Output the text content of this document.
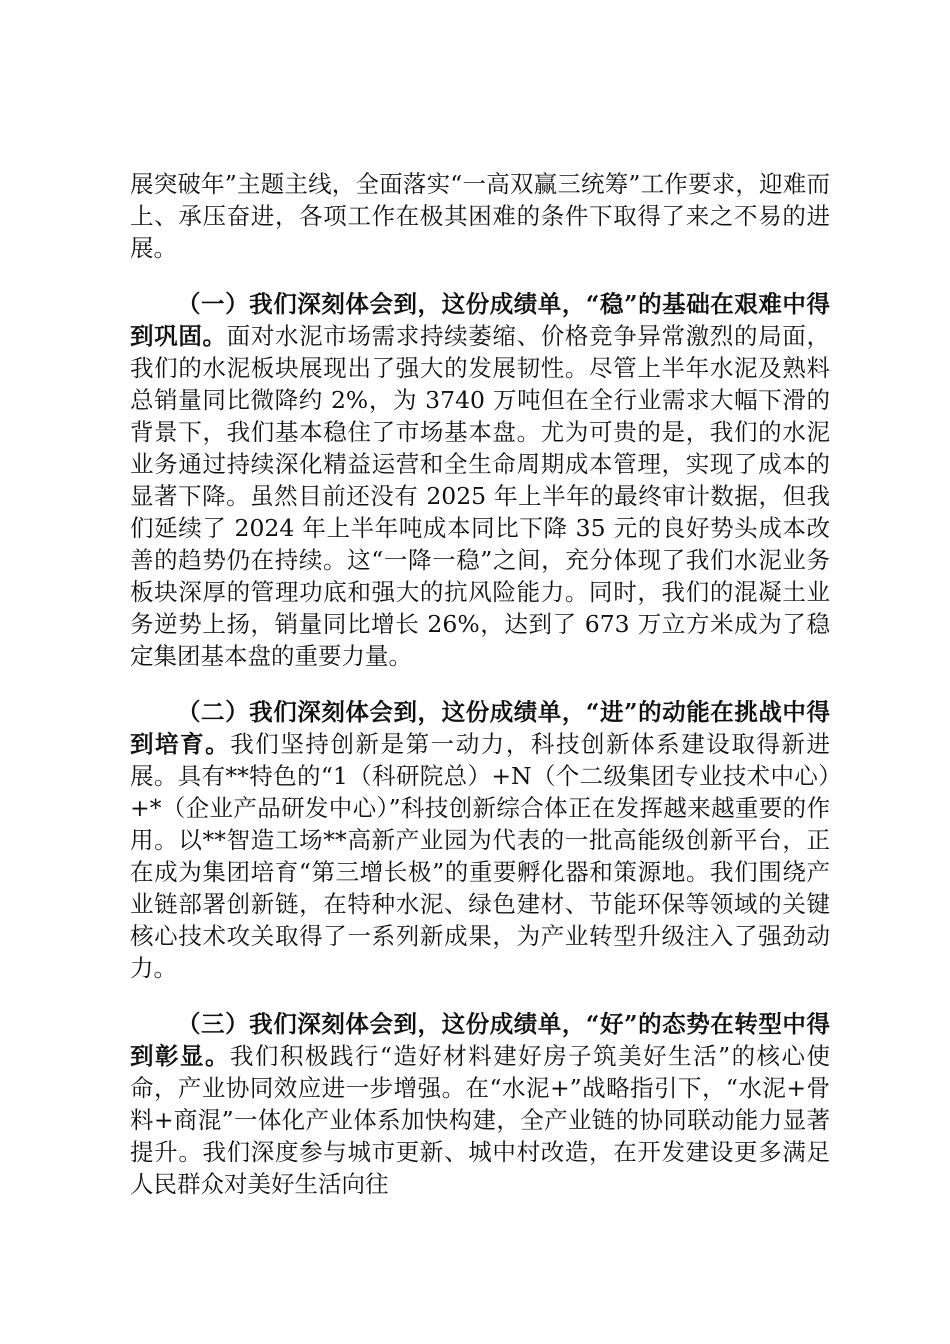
展突破年”主题主线，全面落实“一高双赢三统筹”工作要求，迎难而上、承压奋进，各项工作在极其困难的条件下取得了来之不易的进展。

（一）我们深刻体会到，这份成绩单，“稳”的基础在艰难中得到巩固。面对水泥市场需求持续萎缩、价格竞争异常激烈的局面，我们的水泥板块展现出了强大的发展韧性。尽管上半年水泥及熟料总销量同比微降约 2%，为 3740 万吨但在全行业需求大幅下滑的背景下，我们基本稳住了市场基本盘。尤为可贵的是，我们的水泥业务通过持续深化精益运营和全生命周期成本管理，实现了成本的显著下降。虽然目前还没有 2025 年上半年的最终审计数据，但我们延续了 2024 年上半年吨成本同比下降 35 元的良好势头成本改善的趋势仍在持续。这“一降一稳”之间，充分体现了我们水泥业务板块深厚的管理功底和强大的抗风险能力。同时，我们的混凝土业务逆势上扬，销量同比增长 26%，达到了 673 万立方米成为了稳定集团基本盘的重要力量。

（二）我们深刻体会到，这份成绩单，“进”的动能在挑战中得到培育。我们坚持创新是第一动力，科技创新体系建设取得新进展。具有**特色的“1（科研院总）+N（个二级集团专业技术中心）+*（企业产品研发中心）”科技创新综合体正在发挥越来越重要的作用。以**智造工场**高新产业园为代表的一批高能级创新平台，正在成为集团培育“第三增长极”的重要孵化器和策源地。我们围绕产业链部署创新链，在特种水泥、绿色建材、节能环保等领域的关键核心技术攻关取得了一系列新成果，为产业转型升级注入了强劲动力。

（三）我们深刻体会到，这份成绩单，“好”的态势在转型中得到彰显。我们积极践行“造好材料建好房子筑美好生活”的核心使命，产业协同效应进一步增强。在“水泥+”战略指引下，“水泥+骨料+商混”一体化产业体系加快构建，全产业链的协同联动能力显著提升。我们深度参与城市更新、城中村改造，在开发建设更多满足人民群众对美好生活向往
